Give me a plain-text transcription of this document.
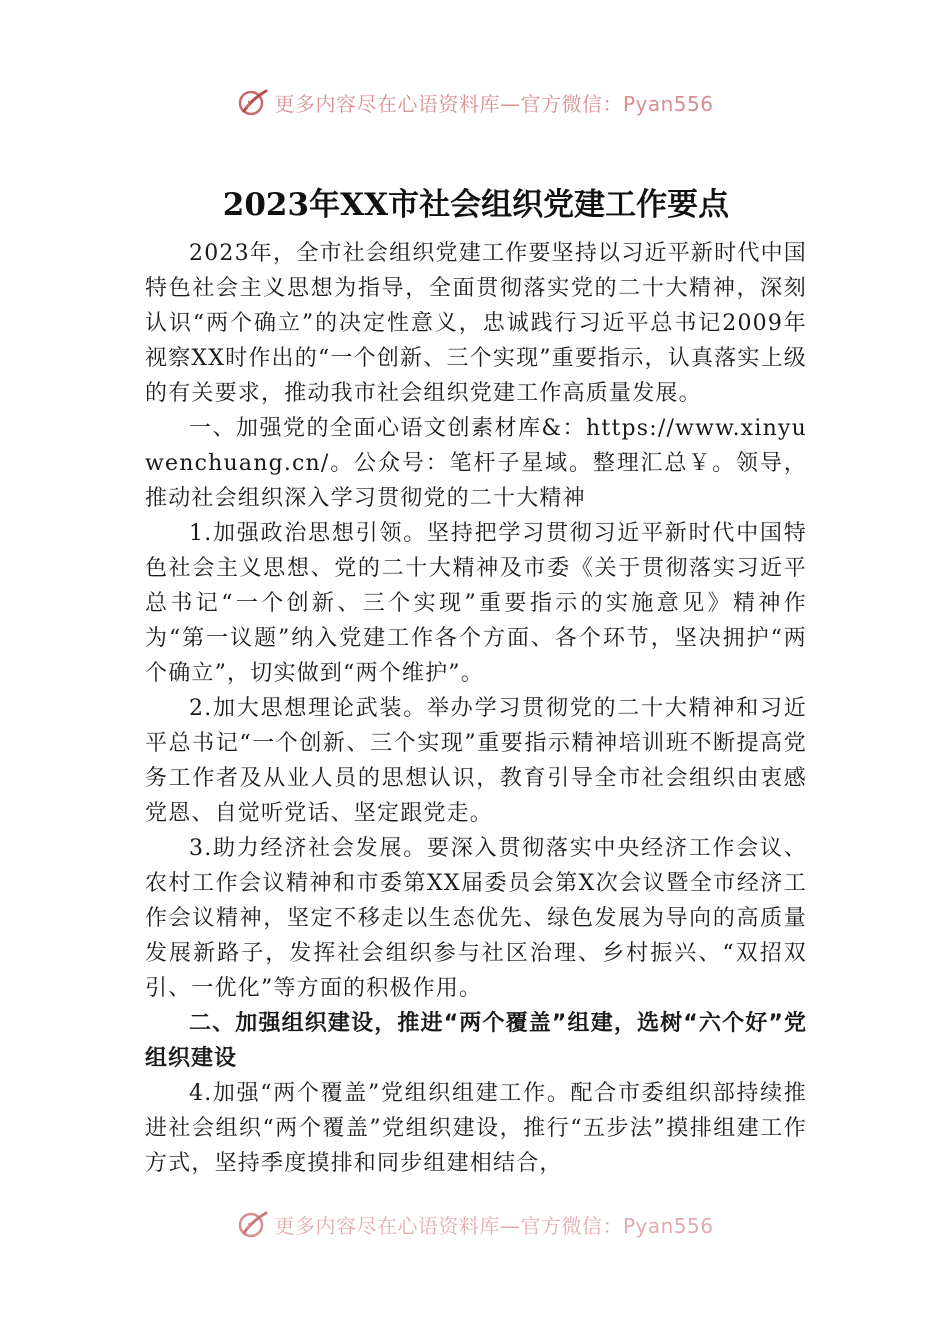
更多内容尽在心语资料库—官方微信：Pyan556
2023年XX市社会组织党建工作要点

2023年，全市社会组织党建工作要坚持以习近平新时代中国特色社会主义思想为指导，全面贯彻落实党的二十大精神，深刻认识“两个确立”的决定性意义，忠诚践行习近平总书记2009年视察XX时作出的“一个创新、三个实现”重要指示，认真落实上级的有关要求，推动我市社会组织党建工作高质量发展。

一、加强党的全面心语文创素材库&：https://www.xinyuwenchuang.cn/。公众号：笔杆子星域。整理汇总￥。领导，推动社会组织深入学习贯彻党的二十大精神

1.加强政治思想引领。坚持把学习贯彻习近平新时代中国特色社会主义思想、党的二十大精神及市委《关于贯彻落实习近平总书记“一个创新、三个实现”重要指示的实施意见》精神作为“第一议题”纳入党建工作各个方面、各个环节，坚决拥护“两个确立”，切实做到“两个维护”。

2.加大思想理论武装。举办学习贯彻党的二十大精神和习近平总书记“一个创新、三个实现”重要指示精神培训班不断提高党务工作者及从业人员的思想认识，教育引导全市社会组织由衷感党恩、自觉听党话、坚定跟党走。

3.助力经济社会发展。要深入贯彻落实中央经济工作会议、农村工作会议精神和市委第XX届委员会第X次会议暨全市经济工作会议精神，坚定不移走以生态优先、绿色发展为导向的高质量发展新路子，发挥社会组织参与社区治理、乡村振兴、“双招双引、一优化”等方面的积极作用。

二、加强组织建设，推进“两个覆盖”组建，选树“六个好”党组织建设

4.加强“两个覆盖”党组织组建工作。配合市委组织部持续推进社会组织“两个覆盖”党组织建设，推行“五步法”摸排组建工作方式，坚持季度摸排和同步组建相结合，

更多内容尽在心语资料库—官方微信：Pyan556
